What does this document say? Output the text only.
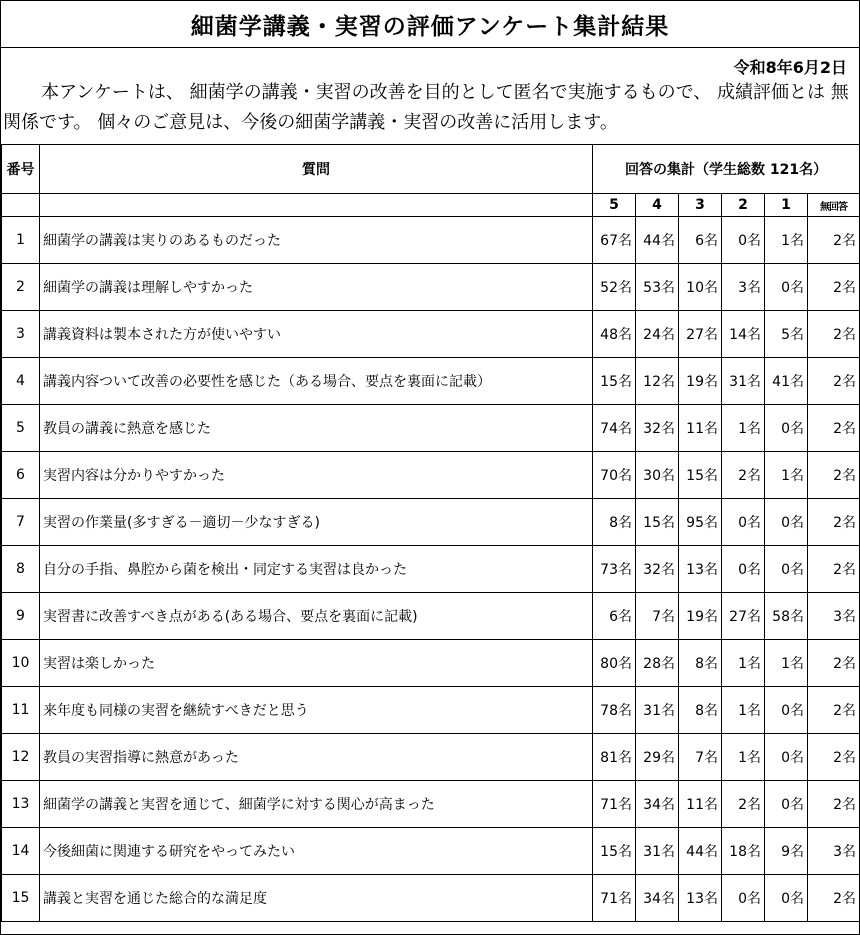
細菌学講義・実習の評価アンケート集計結果
令和8年6月2日
本アンケートは、 細菌学の講義・実習の改善を目的として匿名で実施するもので、 成績評価とは 無関係です。 個々のご意見は、今後の細菌学講義・実習の改善に活用します。
番号	質問	回答の集計（学生総数 121名）					
		5	4	3	2	1	無回答
1	細菌学の講義は実りのあるものだった	67名	44名	6名	0名	1名	2名
2	細菌学の講義は理解しやすかった	52名	53名	10名	3名	0名	2名
3	講義資料は製本された方が使いやすい	48名	24名	27名	14名	5名	2名
4	講義内容ついて改善の必要性を感じた（ある場合、要点を裏面に記載）	15名	12名	19名	31名	41名	2名
5	教員の講義に熱意を感じた	74名	32名	11名	1名	0名	2名
6	実習内容は分かりやすかった	70名	30名	15名	2名	1名	2名
7	実習の作業量(多すぎる－適切－少なすぎる)	8名	15名	95名	0名	0名	2名
8	自分の手指、鼻腔から菌を検出・同定する実習は良かった	73名	32名	13名	0名	0名	2名
9	実習書に改善すべき点がある(ある場合、要点を裏面に記載)	6名	7名	19名	27名	58名	3名
10	実習は楽しかった	80名	28名	8名	1名	1名	2名
11	来年度も同様の実習を継続すべきだと思う	78名	31名	8名	1名	0名	2名
12	教員の実習指導に熱意があった	81名	29名	7名	1名	0名	2名
13	細菌学の講義と実習を通じて、細菌学に対する関心が高まった	71名	34名	11名	2名	0名	2名
14	今後細菌に関連する研究をやってみたい	15名	31名	44名	18名	9名	3名
15	講義と実習を通じた総合的な満足度	71名	34名	13名	0名	0名	2名
